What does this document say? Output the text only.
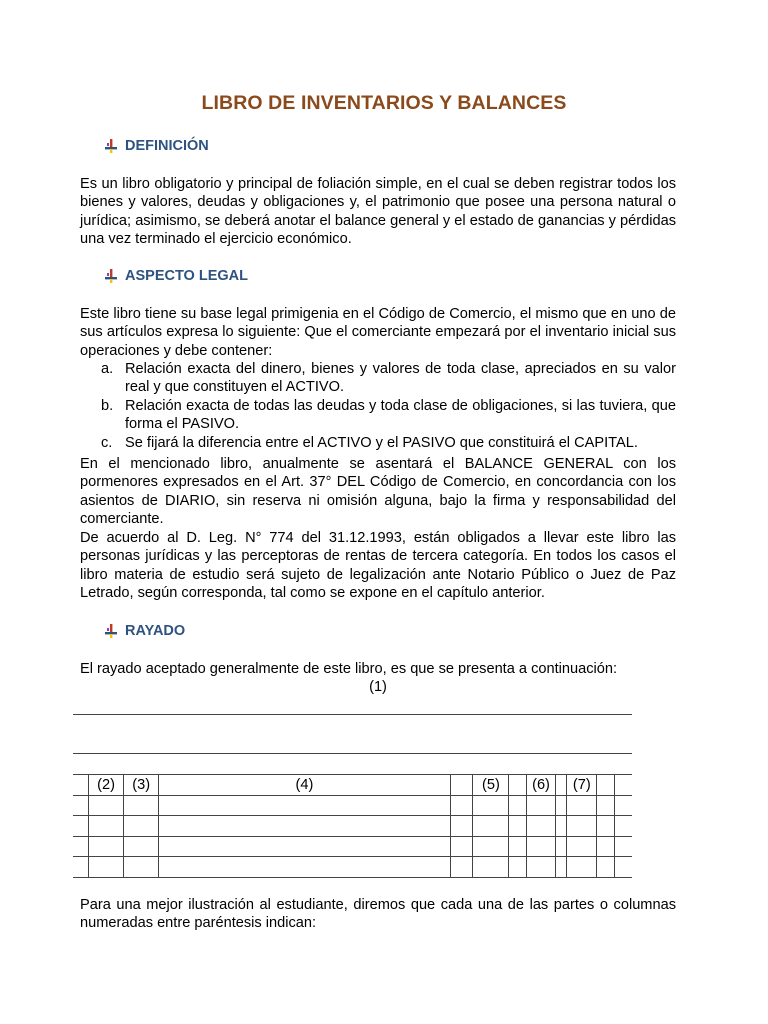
LIBRO DE INVENTARIOS Y BALANCES
DEFINICIÓN
Es un libro obligatorio y principal de foliación simple, en el cual se deben registrar todos los bienes y valores, deudas y obligaciones y, el patrimonio que posee una persona natural o jurídica; asimismo, se deberá anotar el balance general y el estado de ganancias y pérdidas una vez terminado el ejercicio económico.
ASPECTO LEGAL
Este libro tiene su base legal primigenia en el Código de Comercio, el mismo que en uno de sus artículos expresa lo siguiente: Que el comerciante empezará por el inventario inicial sus operaciones y debe contener:
a. Relación exacta del dinero, bienes y valores de toda clase, apreciados en su valor real y que constituyen el ACTIVO.
b. Relación exacta de todas las deudas y toda clase de obligaciones, si las tuviera, que forma el PASIVO.
c. Se fijará la diferencia entre el ACTIVO y el PASIVO que constituirá el CAPITAL.
En el mencionado libro, anualmente se asentará el BALANCE GENERAL con los pormenores expresados en el Art. 37° DEL Código de Comercio, en concordancia con los asientos de DIARIO, sin reserva ni omisión alguna, bajo la firma y responsabilidad del comerciante.
De acuerdo al D. Leg. N° 774 del 31.12.1993, están obligados a llevar este libro las personas jurídicas y las perceptoras de rentas de tercera categoría. En todos los casos el libro materia de estudio será sujeto de legalización ante Notario Público o Juez de Paz Letrado, según corresponda, tal como se expone en el capítulo anterior.
RAYADO
El rayado aceptado generalmente de este libro, es que se presenta a continuación:
(1)
	(2)	(3)	(4)		(5)		(6)		(7)		

Para una mejor ilustración al estudiante, diremos que cada una de las partes o columnas numeradas entre paréntesis indican:
